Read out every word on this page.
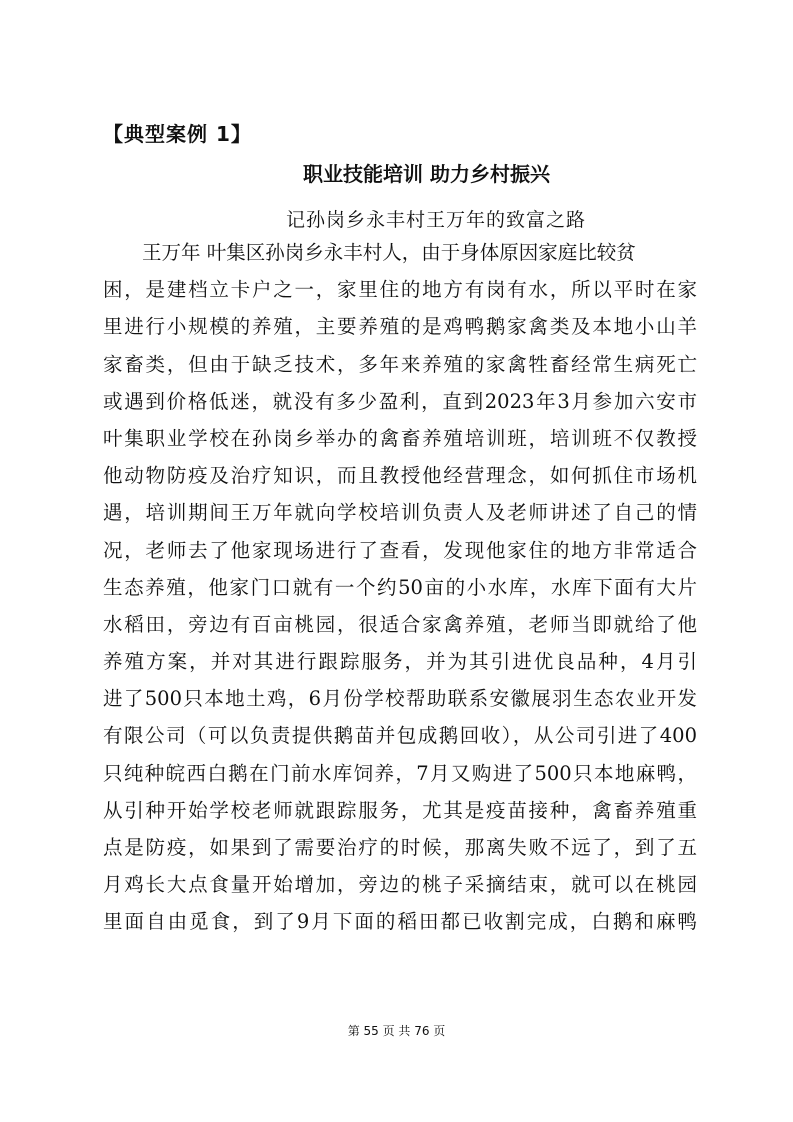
【典型案例 1】
职业技能培训 助力乡村振兴
记孙岗乡永丰村王万年的致富之路
王万年 叶集区孙岗乡永丰村人，由于身体原因家庭比较贫
困，是建档立卡户之一，家里住的地方有岗有水，所以平时在家
里进行小规模的养殖，主要养殖的是鸡鸭鹅家禽类及本地小山羊
家畜类，但由于缺乏技术，多年来养殖的家禽牲畜经常生病死亡
或遇到价格低迷，就没有多少盈利，直到2023年3月参加六安市
叶集职业学校在孙岗乡举办的禽畜养殖培训班，培训班不仅教授
他动物防疫及治疗知识，而且教授他经营理念，如何抓住市场机
遇，培训期间王万年就向学校培训负责人及老师讲述了自己的情
况，老师去了他家现场进行了查看，发现他家住的地方非常适合
生态养殖，他家门口就有一个约50亩的小水库，水库下面有大片
水稻田，旁边有百亩桃园，很适合家禽养殖，老师当即就给了他
养殖方案，并对其进行跟踪服务，并为其引进优良品种，4月引
进了500只本地土鸡，6月份学校帮助联系安徽展羽生态农业开发
有限公司（可以负责提供鹅苗并包成鹅回收），从公司引进了400
只纯种皖西白鹅在门前水库饲养，7月又购进了500只本地麻鸭，
从引种开始学校老师就跟踪服务，尤其是疫苗接种，禽畜养殖重
点是防疫，如果到了需要治疗的时候，那离失败不远了，到了五
月鸡长大点食量开始增加，旁边的桃子采摘结束，就可以在桃园
里面自由觅食，到了9月下面的稻田都已收割完成，白鹅和麻鸭
第 55 页 共 76 页
